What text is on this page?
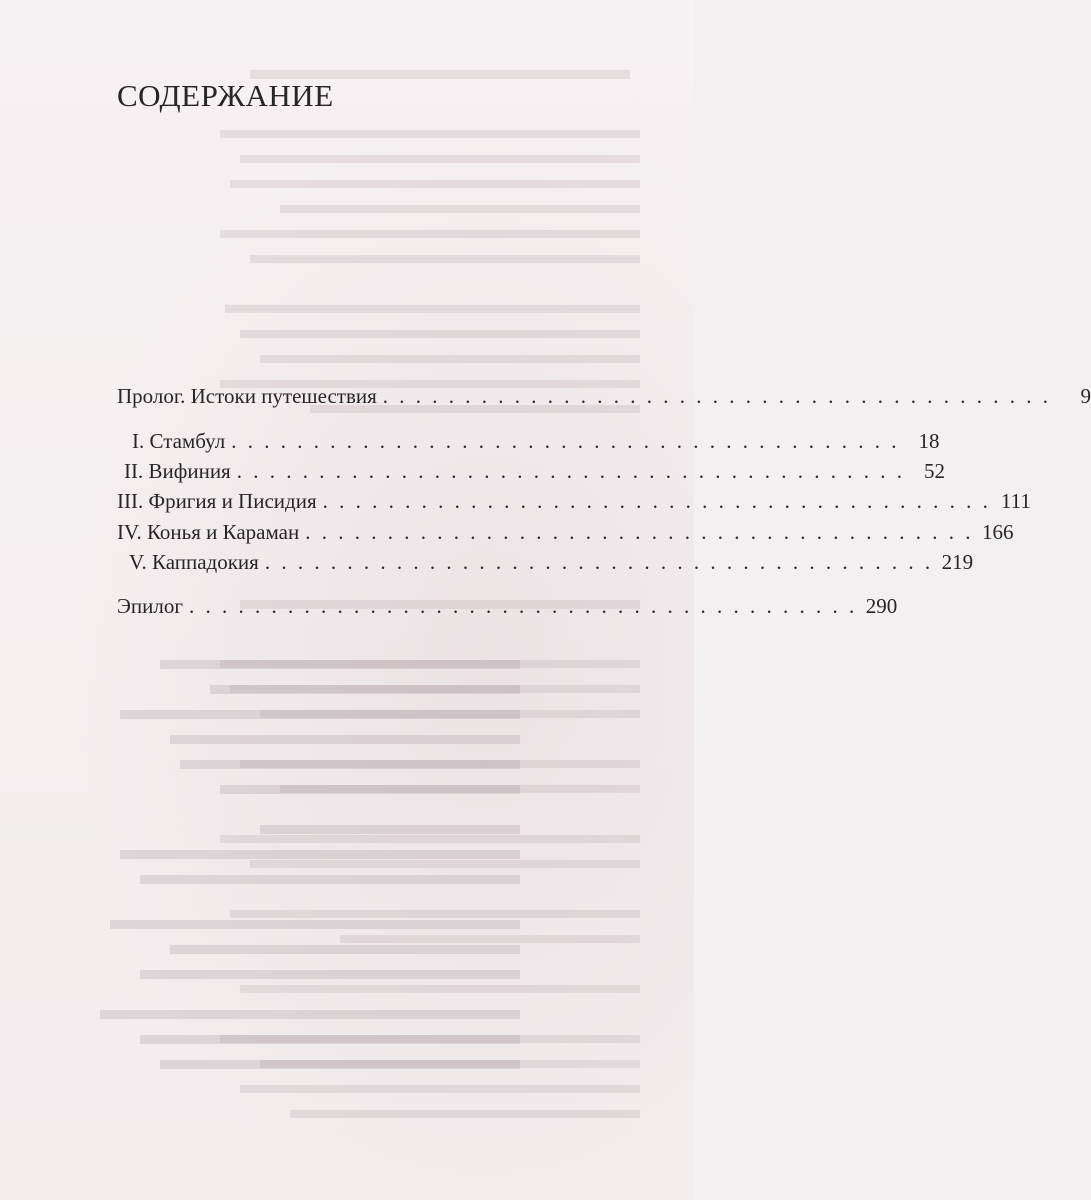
СОДЕРЖАНИЕ
Пролог. Истоки путешествия . . . . . . . . . . . . . . . . . . . . . . . . . . . . . . . . . . . . . . . . .	9
I. Стамбул . . . . . . . . . . . . . . . . . . . . . . . . . . . . . . . . . . . . . . . . . 18
II. Вифиния . . . . . . . . . . . . . . . . . . . . . . . . . . . . . . . . . . . . . . . . . 52
III. Фригия и Писидия . . . . . . . . . . . . . . . . . . . . . . . . . . . . . . . . . . . . . . . . . 111
IV. Конья и Караман . . . . . . . . . . . . . . . . . . . . . . . . . . . . . . . . . . . . . . . . . 166
V. Каппадокия . . . . . . . . . . . . . . . . . . . . . . . . . . . . . . . . . . . . . . . . . 219
Эпилог . . . . . . . . . . . . . . . . . . . . . . . . . . . . . . . . . . . . . . . . . 290
